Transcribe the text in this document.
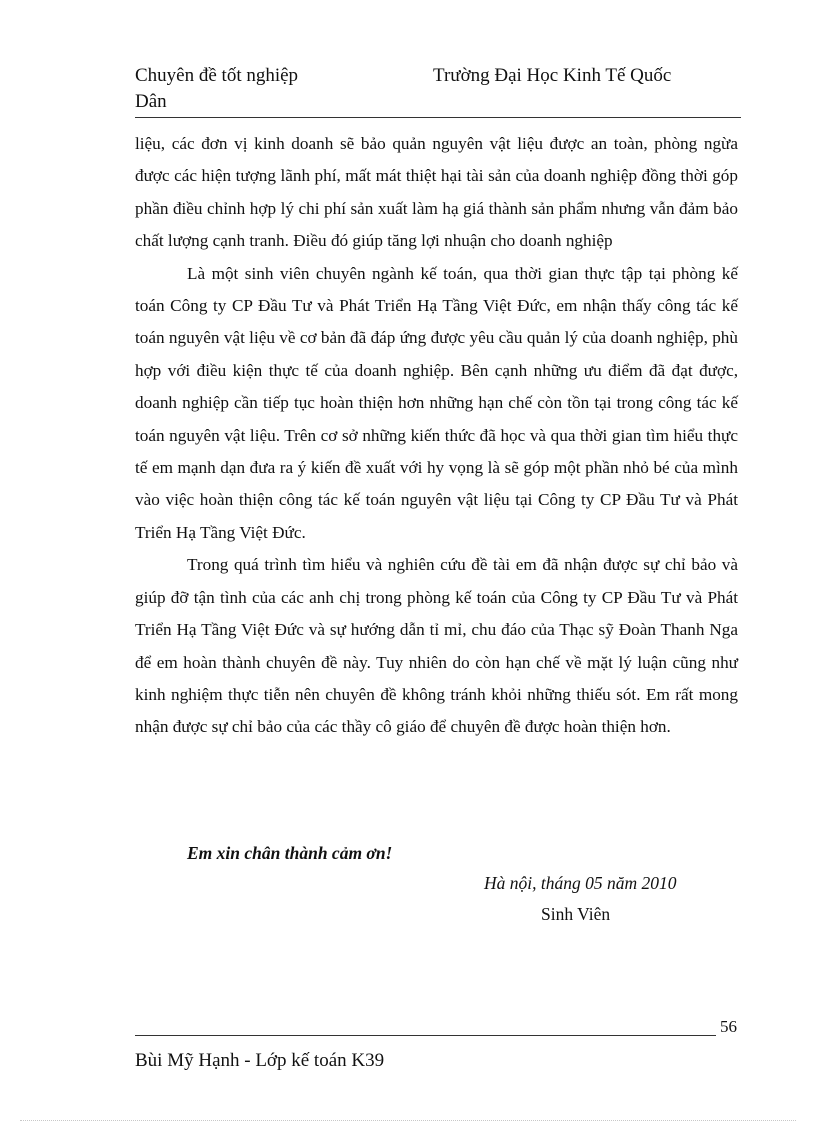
Chuyên đề tốt nghiệp	Trường Đại Học Kinh Tế Quốc
Dân

liệu, các đơn vị kinh doanh sẽ bảo quản nguyên vật liệu được an toàn, phòng ngừa được các hiện tượng lãnh phí, mất mát thiệt hại tài sản của doanh nghiệp đồng thời góp phần điều chỉnh hợp lý chi phí sản xuất làm hạ giá thành sản phẩm nhưng vẫn đảm bảo chất lượng cạnh tranh. Điều đó giúp tăng lợi nhuận cho doanh nghiệp

Là một sinh viên chuyên ngành kế toán, qua thời gian thực tập tại phòng kế toán Công ty CP Đầu Tư và Phát Triển Hạ Tầng Việt Đức, em nhận thấy công tác kế toán nguyên vật liệu về cơ bản đã đáp ứng được yêu cầu quản lý của doanh nghiệp, phù hợp với điều kiện thực tế của doanh nghiệp. Bên cạnh những ưu điểm đã đạt được, doanh nghiệp cần tiếp tục hoàn thiện hơn những hạn chế còn tồn tại trong công tác kế toán nguyên vật liệu. Trên cơ sở những kiến thức đã học và qua thời gian tìm hiểu thực tế em mạnh dạn đưa ra ý kiến đề xuất với hy vọng là sẽ góp một phần nhỏ bé của mình vào việc hoàn thiện công tác kế toán nguyên vật liệu tại Công ty CP Đầu Tư và Phát Triển Hạ Tầng Việt Đức.

Trong quá trình tìm hiểu và nghiên cứu đề tài em đã nhận được sự chỉ bảo và giúp đỡ tận tình của các anh chị trong phòng kế toán của Công ty CP Đầu Tư và Phát Triển Hạ Tầng Việt Đức và sự hướng dẫn tỉ mỉ, chu đáo của Thạc sỹ Đoàn Thanh Nga để em hoàn thành chuyên đề này. Tuy nhiên do còn hạn chế về mặt lý luận cũng như kinh nghiệm thực tiễn nên chuyên đề không tránh khỏi những thiếu sót. Em rất mong nhận được sự chỉ bảo của các thầy cô giáo để chuyên đề được hoàn thiện hơn.

Em xin chân thành cảm ơn!
Hà nội, tháng 05 năm 2010
Sinh Viên
56
Bùi Mỹ Hạnh - Lớp kế toán K39
